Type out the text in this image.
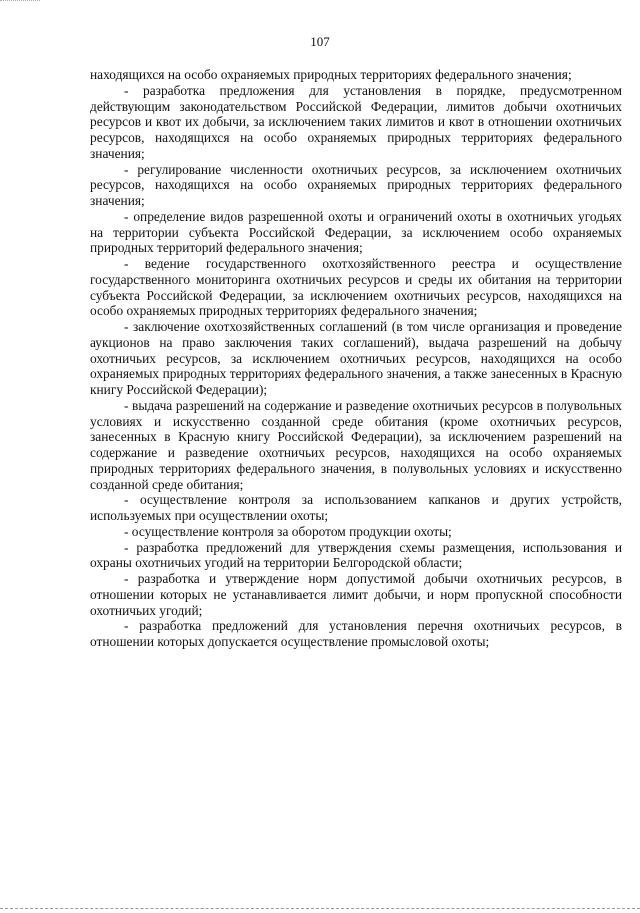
107

находящихся на особо охраняемых природных территориях федерального значения;

- разработка предложения для установления в порядке, предусмотренном действующим законодательством Российской Федерации, лимитов добычи охотничьих ресурсов и квот их добычи, за исключением таких лимитов и квот в отношении охотничьих ресурсов, находящихся на особо охраняемых природных территориях федерального значения;

- регулирование численности охотничьих ресурсов, за исключением охотничьих ресурсов, находящихся на особо охраняемых природных территориях федерального значения;

- определение видов разрешенной охоты и ограничений охоты в охотничьих угодьях на территории субъекта Российской Федерации, за исключением особо охраняемых природных территорий федерального значения;

- ведение государственного охотхозяйственного реестра и осуществление государственного мониторинга охотничьих ресурсов и среды их обитания на территории субъекта Российской Федерации, за исключением охотничьих ресурсов, находящихся на особо охраняемых природных территориях федерального значения;

- заключение охотхозяйственных соглашений (в том числе организация и проведение аукционов на право заключения таких соглашений), выдача разрешений на добычу охотничьих ресурсов, за исключением охотничьих ресурсов, находящихся на особо охраняемых природных территориях федерального значения, а также занесенных в Красную книгу Российской Федерации);

- выдача разрешений на содержание и разведение охотничьих ресурсов в полувольных условиях и искусственно созданной среде обитания (кроме охотничьих ресурсов, занесенных в Красную книгу Российской Федерации), за исключением разрешений на содержание и разведение охотничьих ресурсов, находящихся на особо охраняемых природных территориях федерального значения, в полувольных условиях и искусственно созданной среде обитания;

- осуществление контроля за использованием капканов и других устройств, используемых при осуществлении охоты;

- осуществление контроля за оборотом продукции охоты;

- разработка предложений для утверждения схемы размещения, использования и охраны охотничьих угодий на территории Белгородской области;

- разработка и утверждение норм допустимой добычи охотничьих ресурсов, в отношении которых не устанавливается лимит добычи, и норм пропускной способности охотничьих угодий;

- разработка предложений для установления перечня охотничьих ресурсов, в отношении которых допускается осуществление промысловой охоты;
